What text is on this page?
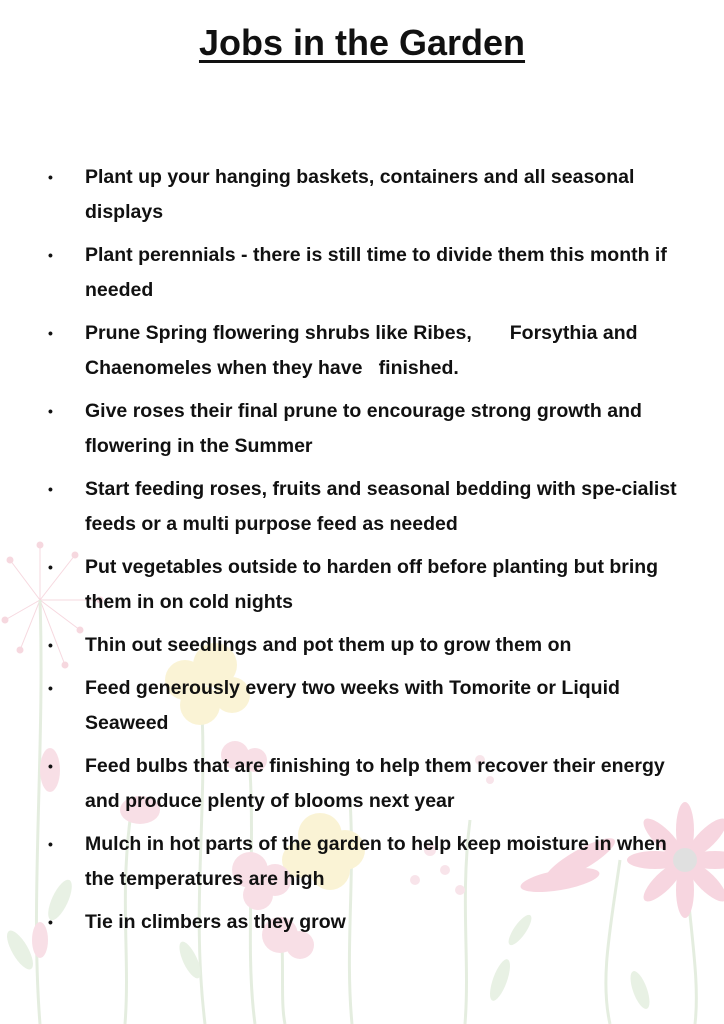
Jobs in the Garden
• Plant up your hanging baskets, containers and all seasonal displays
• Plant perennials - there is still time to divide them this month if needed
• Prune Spring flowering shrubs like Ribes,       Forsythia and Chaenomeles when they have   finished.
• Give roses their final prune to encourage strong growth and flowering in the Summer
• Start feeding roses, fruits and seasonal bedding with spe-cialist feeds or a multi purpose feed as needed
• Put vegetables outside to harden off before planting but bring them in on cold nights
• Thin out seedlings and pot them up to grow them on
• Feed generously every two weeks with Tomorite or Liquid Seaweed
• Feed bulbs that are finishing to help them recover their energy and produce plenty of blooms next year
• Mulch in hot parts of the garden to help keep moisture in when the temperatures are high
• Tie in climbers as they grow
